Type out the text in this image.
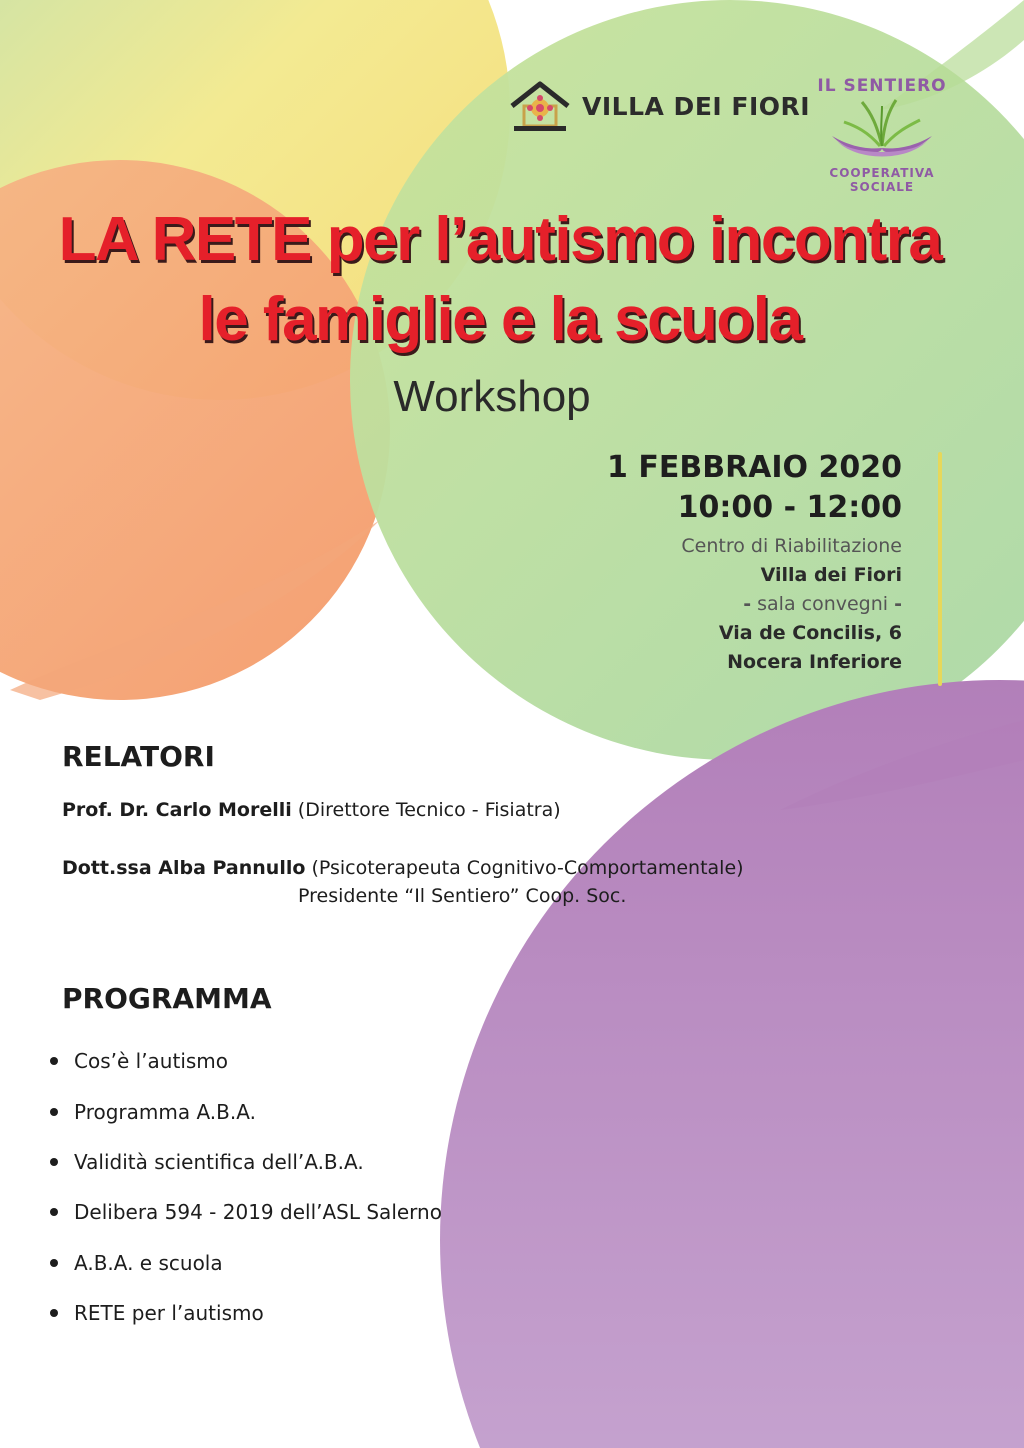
VILLA DEI FIORI
IL SENTIERO
COOPERATIVA
SOCIALE
LA RETE per l’autismo incontra
le famiglie e la scuola
Workshop
1 FEBBRAIO 2020
10:00 - 12:00
Centro di Riabilitazione
Villa dei Fiori
- sala convegni -
Via de Concilis, 6
Nocera Inferiore
RELATORI

Prof. Dr. Carlo Morelli (Direttore Tecnico - Fisiatra)

Dott.ssa Alba Pannullo (Psicoterapeuta Cognitivo-Comportamentale)

Presidente “Il Sentiero” Coop. Soc.

PROGRAMMA
Cos’è l’autismo
Programma A.B.A.
Validità scientifica dell’A.B.A.
Delibera 594 - 2019 dell’ASL Salerno
A.B.A. e scuola
RETE per l’autismo
